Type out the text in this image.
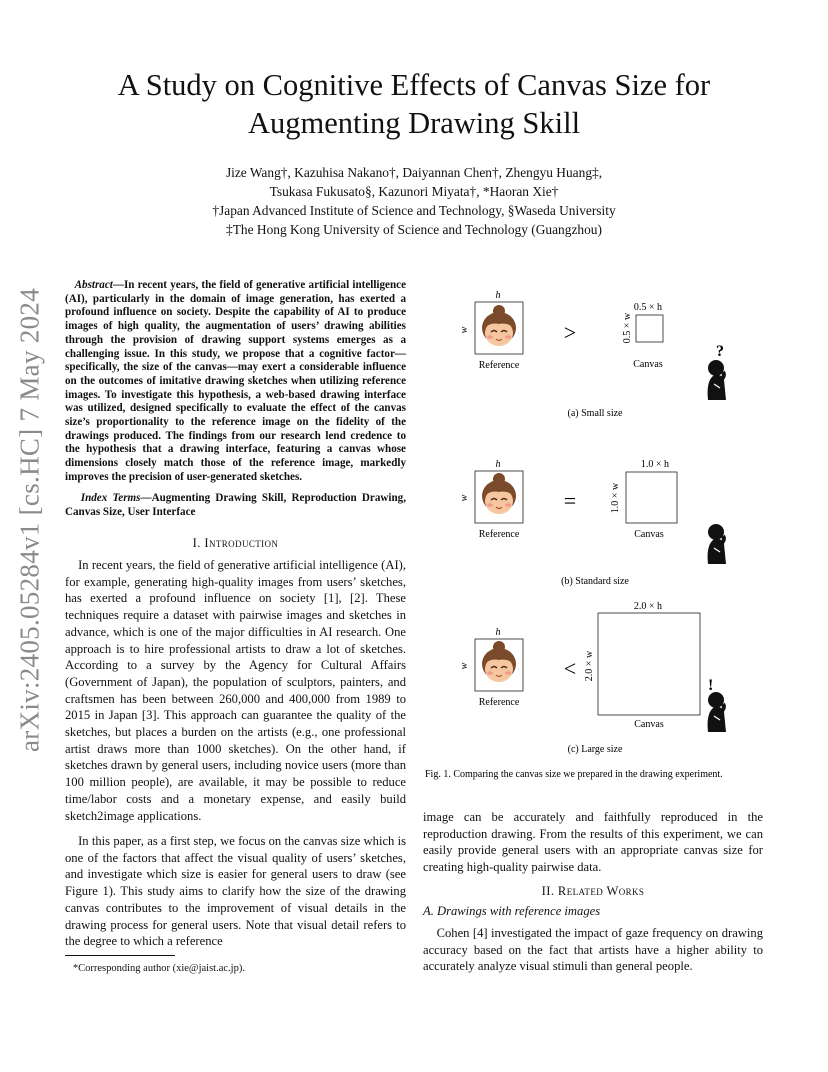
arXiv:2405.05284v1 [cs.HC] 7 May 2024
A Study on Cognitive Effects of Canvas Size for Augmenting Drawing Skill
Jize Wang†, Kazuhisa Nakano†, Daiyannan Chen†, Zhengyu Huang‡,
Tsukasa Fukusato§, Kazunori Miyata†, *Haoran Xie†
†Japan Advanced Institute of Science and Technology, §Waseda University
‡The Hong Kong University of Science and Technology (Guangzhou)
Abstract—In recent years, the field of generative artificial intelligence (AI), particularly in the domain of image generation, has exerted a profound influence on society. Despite the capability of AI to produce images of high quality, the augmentation of users’ drawing abilities through the provision of drawing support systems emerges as a challenging issue. In this study, we propose that a cognitive factor—specifically, the size of the canvas—may exert a considerable influence on the outcomes of imitative drawing sketches when utilizing reference images. To investigate this hypothesis, a web-based drawing interface was utilized, designed specifically to evaluate the effect of the canvas size’s proportionality to the reference image on the fidelity of the drawings produced. The findings from our research lend credence to the hypothesis that a drawing interface, featuring a canvas whose dimensions closely match those of the reference image, markedly improves the precision of user-generated sketches.
Index Terms—Augmenting Drawing Skill, Reproduction Drawing, Canvas Size, User Interface
I. Introduction
In recent years, the field of generative artificial intelligence (AI), for example, generating high-quality images from users’ sketches, has exerted a profound influence on society [1], [2]. These techniques require a dataset with pairwise images and sketches in advance, which is one of the major difficulties in AI research. One approach is to hire professional artists to draw a lot of sketches. According to a survey by the Agency for Cultural Affairs (Government of Japan), the population of sculptors, painters, and craftsmen has been between 260,000 and 400,000 from 1989 to 2015 in Japan [3]. This approach can guarantee the quality of the sketches, but places a burden on the artists (e.g., one professional artist draws more than 1000 sketches). On the other hand, if sketches drawn by general users, including novice users (more than 100 million people), are available, it may be possible to reduce time/labor costs and a monetary expense, and easily build sketch2image applications.
In this paper, as a first step, we focus on the canvas size which is one of the factors that affect the visual quality of users’ sketches, and investigate which size is easier for general users to draw (see Figure 1). This study aims to clarify how the size of the drawing canvas contributes to the improvement of visual details in the drawing process for general users. Note that visual detail refers to the degree to which a reference
*Corresponding author (xie@jaist.ac.jp).
image can be accurately and faithfully reproduced in the reproduction drawing. From the results of this experiment, we can easily provide general users with an appropriate canvas size for creating high-quality pairwise data.
II. Related Works
A. Drawings with reference images
Cohen [4] investigated the impact of gaze frequency on drawing accuracy based on the fact that artists have a higher ability to accurately analyze visual stimuli than general people.
h
w
Reference
>
0.5 × h
0.5 × w
Canvas
?
(a) Small size
h
w
Reference
=
1.0 × h
1.0 × w
Canvas
(b) Standard size
2.0 × h
h
w
Reference
< 2.0 × w
Canvas
!
(c) Large size
Fig. 1. Comparing the canvas size we prepared in the drawing experiment.
